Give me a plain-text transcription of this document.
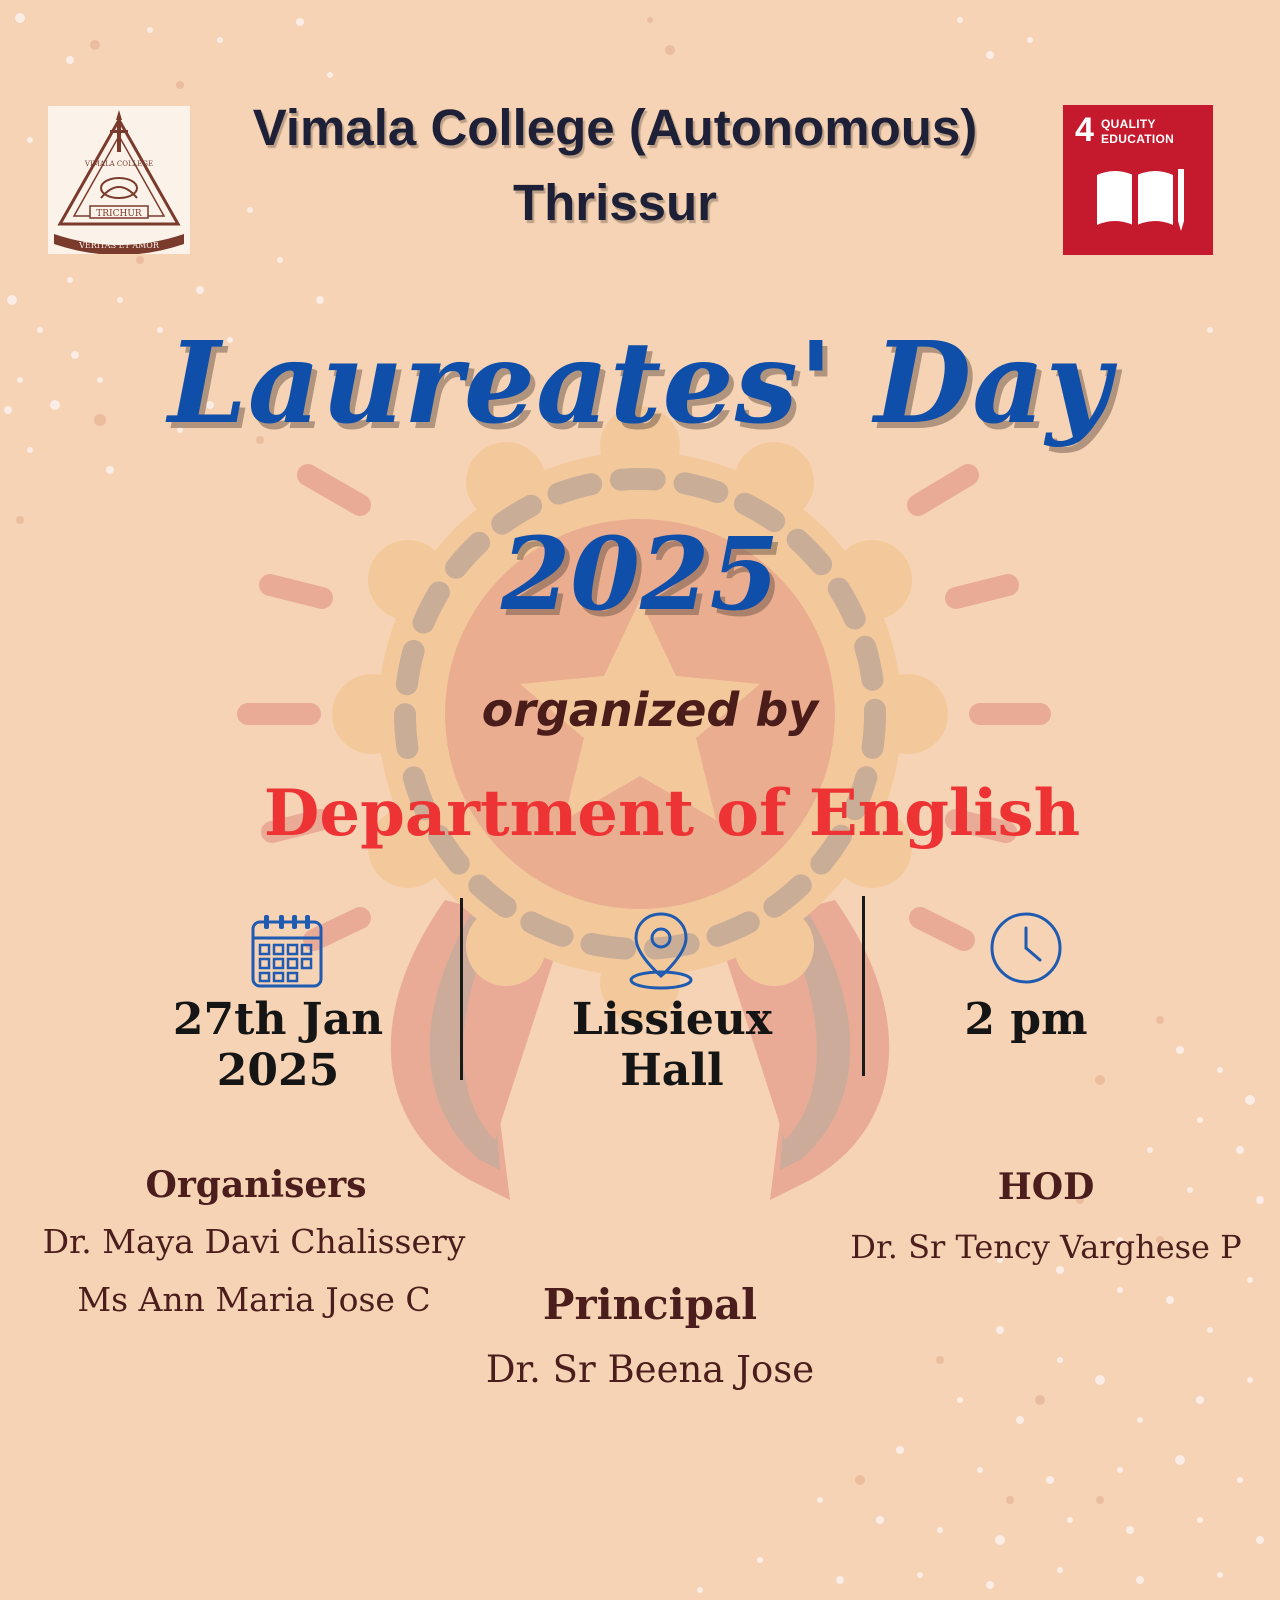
TRICHUR
VERITAS ET AMOR
VIMALA COLLEGE
Vimala College (Autonomous)
Thrissur
4 QUALITY
EDUCATION
Laureates' Day
2025
organized by
Department of English
27th Jan 2025
Lissieux Hall
2 pm
Organisers
Dr. Maya Davi Chalissery
Ms Ann Maria Jose C
HOD
Dr. Sr Tency Varghese P
Principal
Dr. Sr Beena Jose
